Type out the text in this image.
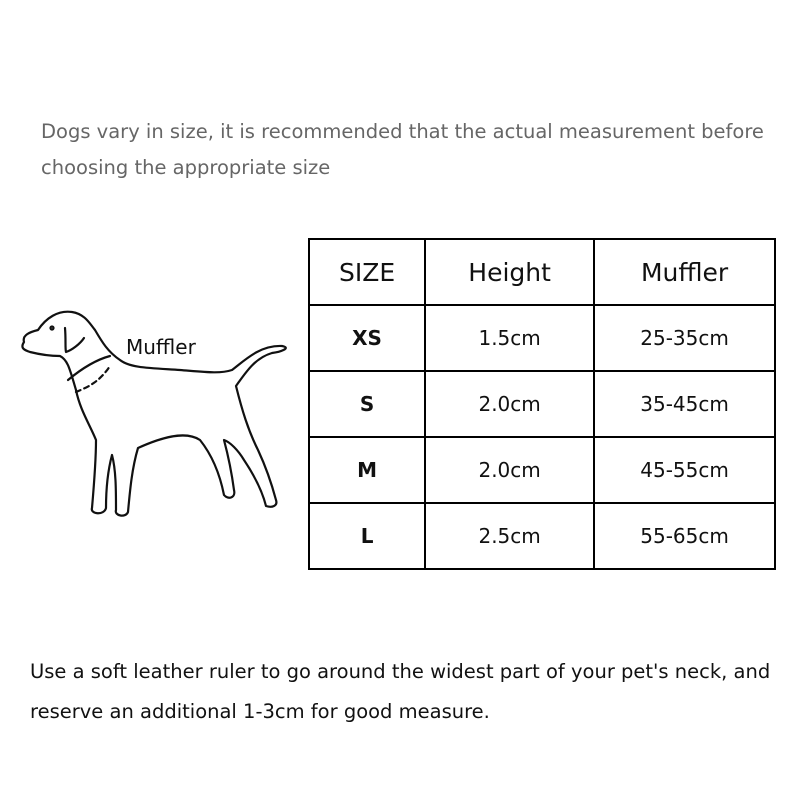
Dogs vary in size, it is recommended that the actual measurement before choosing the appropriate size
Muffler
SIZE	Height	Muffler
XS	1.5cm	25-35cm
S	2.0cm	35-45cm
M	2.0cm	45-55cm
L	2.5cm	55-65cm
Use a soft leather ruler to go around the widest part of your pet's neck, and reserve an additional 1-3cm for good measure.
